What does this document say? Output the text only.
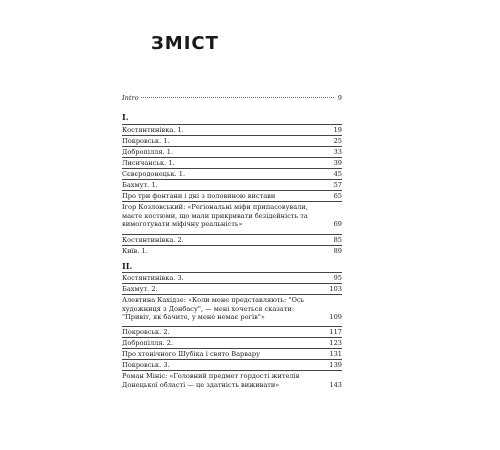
ЗМІСТ
Intro	9
I.
Костянтинівка. 1.	19
Покровськ. 1.	25
Добропілля. 1.	33
Лисичанськ. 1.	39
Сєвєродонецьк. 1.	45
Бахмут. 1.	57
Про три фонтани і дні з половиною вистави	65
Ігор Козловський: «Регіональні міфи припасовували, маєте костюми, що мали прикривати безідейність та вимоготувати міфічну реальність»	69
Костянтинівка. 2.	85
Київ. 1.	89
II.
Костянтинівка. 3.	95
Бахмут. 2.	103
Алевтина Кахідзе: «Коли мене представляють: "Ось художниця з Донбасу", — мені хочеться сказати: "Привіт, як бачите, у мене немає рогів"»	109
Покровськ. 2.	117
Добропілля. 2.	123
Про хтонічного Шубіка і свято Варвару	131
Покровськ. 3.	139
Роман Мініс: «Головний предмет гордості жителів Донецької області — це здатність виживати»	143
